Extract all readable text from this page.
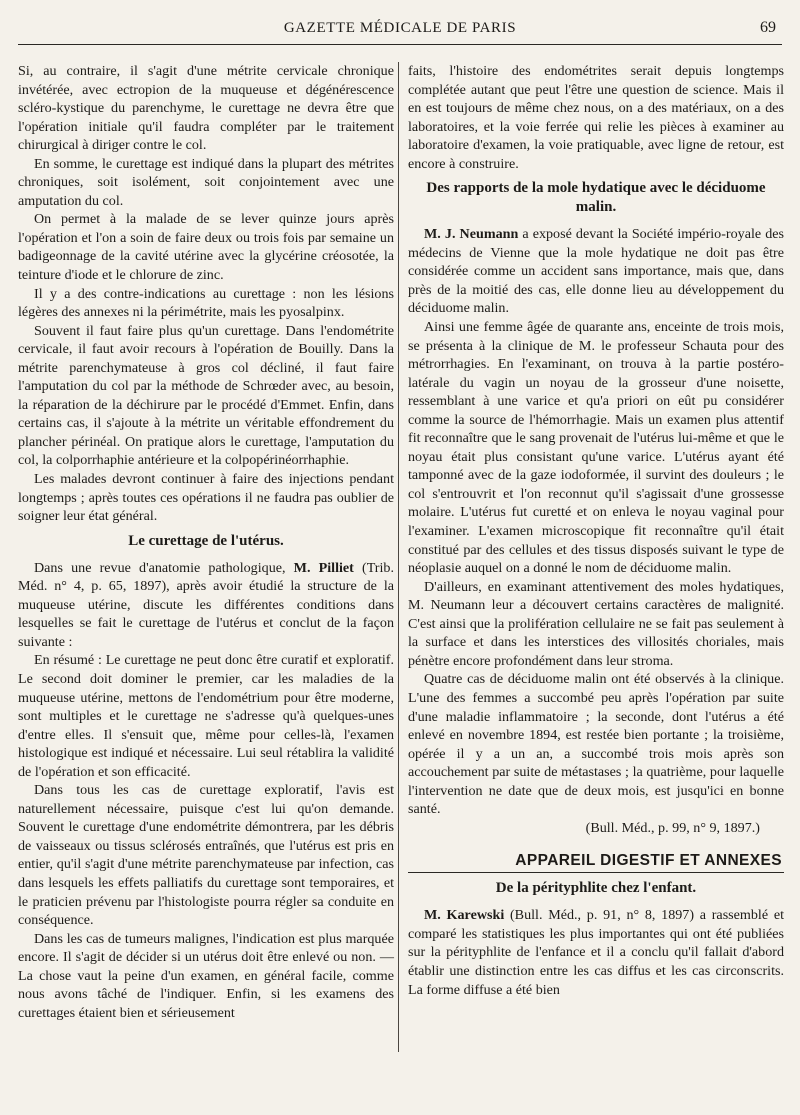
GAZETTE MÉDICALE DE PARIS	69

Si, au contraire, il s'agit d'une métrite cervicale chronique invétérée, avec ectropion de la muqueuse et dégénérescence scléro-kystique du parenchyme, le curettage ne devra être que l'opération initiale qu'il faudra compléter par le traitement chirurgical à diriger contre le col.

En somme, le curettage est indiqué dans la plupart des métrites chroniques, soit isolément, soit conjointement avec une amputation du col.

On permet à la malade de se lever quinze jours après l'opération et l'on a soin de faire deux ou trois fois par semaine un badigeonnage de la cavité utérine avec la glycérine créosotée, la teinture d'iode et le chlorure de zinc.

Il y a des contre-indications au curettage : non les lésions légères des annexes ni la périmétrite, mais les pyosalpinx.

Souvent il faut faire plus qu'un curettage. Dans l'endométrite cervicale, il faut avoir recours à l'opération de Bouilly. Dans la métrite parenchymateuse à gros col décliné, il faut faire l'amputation du col par la méthode de Schrœder avec, au besoin, la réparation de la déchirure par le procédé d'Emmet. Enfin, dans certains cas, il s'ajoute à la métrite un véritable effondrement du plancher périnéal. On pratique alors le curettage, l'amputation du col, la colporrhaphie antérieure et la colpopérinéorrhaphie.

Les malades devront continuer à faire des injections pendant longtemps ; après toutes ces opérations il ne faudra pas oublier de soigner leur état général.

Le curettage de l'utérus.

Dans une revue d'anatomie pathologique, M. Pilliet (Trib. Méd. n° 4, p. 65, 1897), après avoir étudié la structure de la muqueuse utérine, discute les différentes conditions dans lesquelles se fait le curettage de l'utérus et conclut de la façon suivante :

En résumé : Le curettage ne peut donc être curatif et exploratif. Le second doit dominer le premier, car les maladies de la muqueuse utérine, mettons de l'endométrium pour être moderne, sont multiples et le curettage ne s'adresse qu'à quelques-unes d'entre elles. Il s'ensuit que, même pour celles-là, l'examen histologique est indiqué et nécessaire. Lui seul rétablira la validité de l'opération et son efficacité.

Dans tous les cas de curettage exploratif, l'avis est naturellement nécessaire, puisque c'est lui qu'on demande. Souvent le curettage d'une endométrite démontrera, par les débris de vaisseaux ou tissus sclérosés entraînés, que l'utérus est pris en entier, qu'il s'agit d'une métrite parenchymateuse par infection, cas dans lesquels les effets palliatifs du curettage sont temporaires, et le praticien prévenu par l'histologiste pourra régler sa conduite en conséquence.

Dans les cas de tumeurs malignes, l'indication est plus marquée encore. Il s'agit de décider si un utérus doit être enlevé ou non. — La chose vaut la peine d'un examen, en général facile, comme nous avons tâché de l'indiquer. Enfin, si les examens des curettages étaient bien et sérieusement

faits, l'histoire des endométrites serait depuis longtemps complétée autant que peut l'être une question de science. Mais il en est toujours de même chez nous, on a des matériaux, on a des laboratoires, et la voie ferrée qui relie les pièces à examiner au laboratoire d'examen, la voie pratiquable, avec ligne de retour, est encore à construire.

Des rapports de la mole hydatique avec le déciduome malin.

M. J. Neumann a exposé devant la Société império-royale des médecins de Vienne que la mole hydatique ne doit pas être considérée comme un accident sans importance, mais que, dans près de la moitié des cas, elle donne lieu au développement du déciduome malin.

Ainsi une femme âgée de quarante ans, enceinte de trois mois, se présenta à la clinique de M. le professeur Schauta pour des métrorrhagies. En l'examinant, on trouva à la partie postéro-latérale du vagin un noyau de la grosseur d'une noisette, ressemblant à une varice et qu'a priori on eût pu considérer comme la source de l'hémorrhagie. Mais un examen plus attentif fit reconnaître que le sang provenait de l'utérus lui-même et que le noyau était plus consistant qu'une varice. L'utérus ayant été tamponné avec de la gaze iodoformée, il survint des douleurs ; le col s'entrouvrit et l'on reconnut qu'il s'agissait d'une grossesse molaire. L'utérus fut curetté et on enleva le noyau vaginal pour l'examiner. L'examen microscopique fit reconnaître qu'il était constitué par des cellules et des tissus disposés suivant le type de néoplasie auquel on a donné le nom de déciduome malin.

D'ailleurs, en examinant attentivement des moles hydatiques, M. Neumann leur a découvert certains caractères de malignité. C'est ainsi que la prolifération cellulaire ne se fait pas seulement à la surface et dans les interstices des villosités choriales, mais pénètre encore profondément dans leur stroma.

Quatre cas de déciduome malin ont été observés à la clinique. L'une des femmes a succombé peu après l'opération par suite d'une maladie inflammatoire ; la seconde, dont l'utérus a été enlevé en novembre 1894, est restée bien portante ; la troisième, opérée il y a un an, a succombé trois mois après son accouchement par suite de métastases ; la quatrième, pour laquelle l'intervention ne date que de deux mois, est jusqu'ici en bonne santé.

(Bull. Méd., p. 99, n° 9, 1897.)

APPAREIL DIGESTIF ET ANNEXES
De la pérityphlite chez l'enfant.

M. Karewski (Bull. Méd., p. 91, n° 8, 1897) a rassemblé et comparé les statistiques les plus importantes qui ont été publiées sur la pérityphlite de l'enfance et il a conclu qu'il fallait d'abord établir une distinction entre les cas diffus et les cas circonscrits. La forme diffuse a été bien
